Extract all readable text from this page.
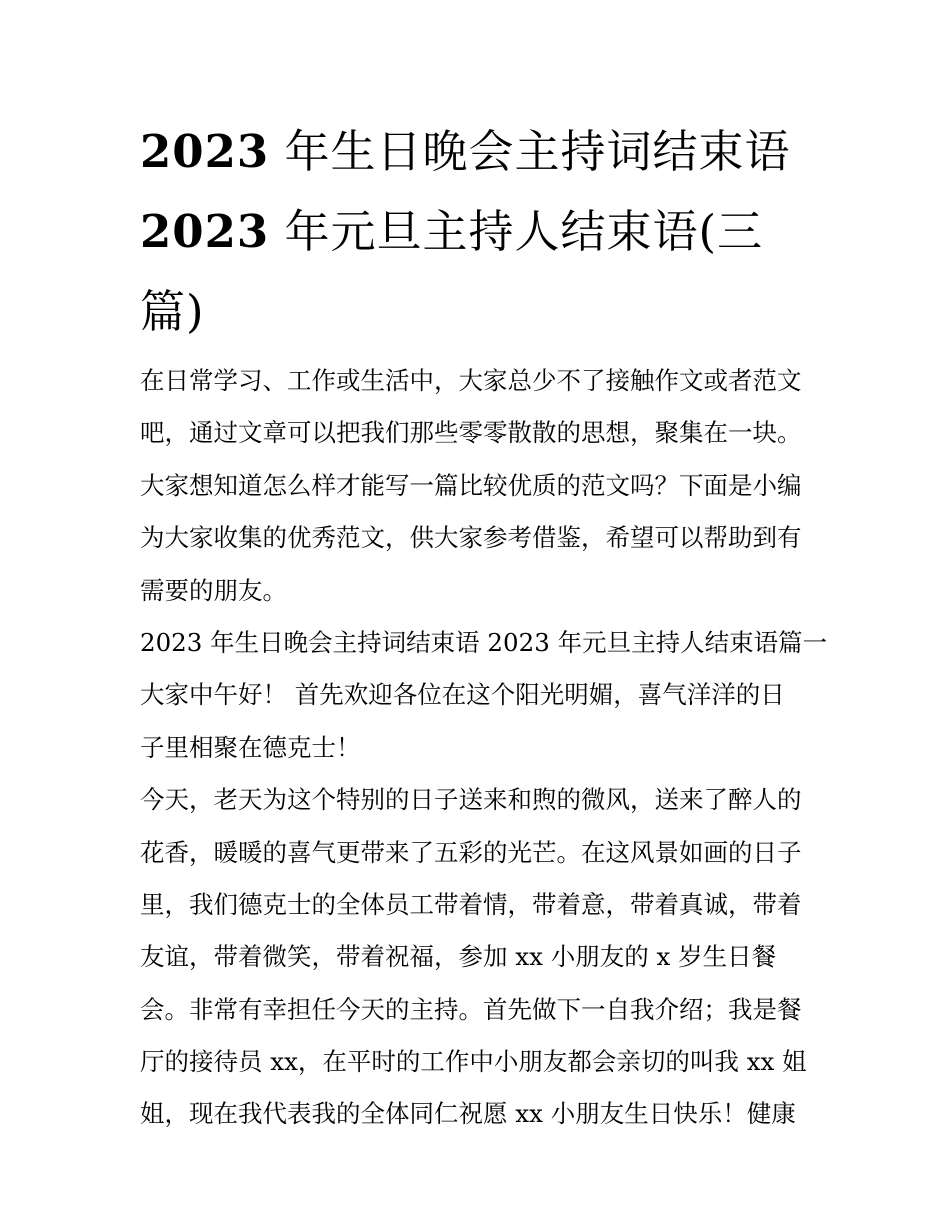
2023 年生日晚会主持词结束语
2023 年元旦主持人结束语(三
篇)
在日常学习、工作或生活中，大家总少不了接触作文或者范文
吧，通过文章可以把我们那些零零散散的思想，聚集在一块。
大家想知道怎么样才能写一篇比较优质的范文吗？下面是小编
为大家收集的优秀范文，供大家参考借鉴，希望可以帮助到有
需要的朋友。
2023 年生日晚会主持词结束语 2023 年元旦主持人结束语篇一
大家中午好！ 首先欢迎各位在这个阳光明媚，喜气洋洋的日
子里相聚在德克士！
今天，老天为这个特别的日子送来和煦的微风，送来了醉人的
花香，暖暖的喜气更带来了五彩的光芒。在这风景如画的日子
里，我们德克士的全体员工带着情，带着意，带着真诚，带着
友谊，带着微笑，带着祝福，参加 xx 小朋友的 x 岁生日餐
会。非常有幸担任今天的主持。首先做下一自我介绍；我是餐
厅的接待员 xx，在平时的工作中小朋友都会亲切的叫我 xx 姐
姐，现在我代表我的全体同仁祝愿 xx 小朋友生日快乐！健康
